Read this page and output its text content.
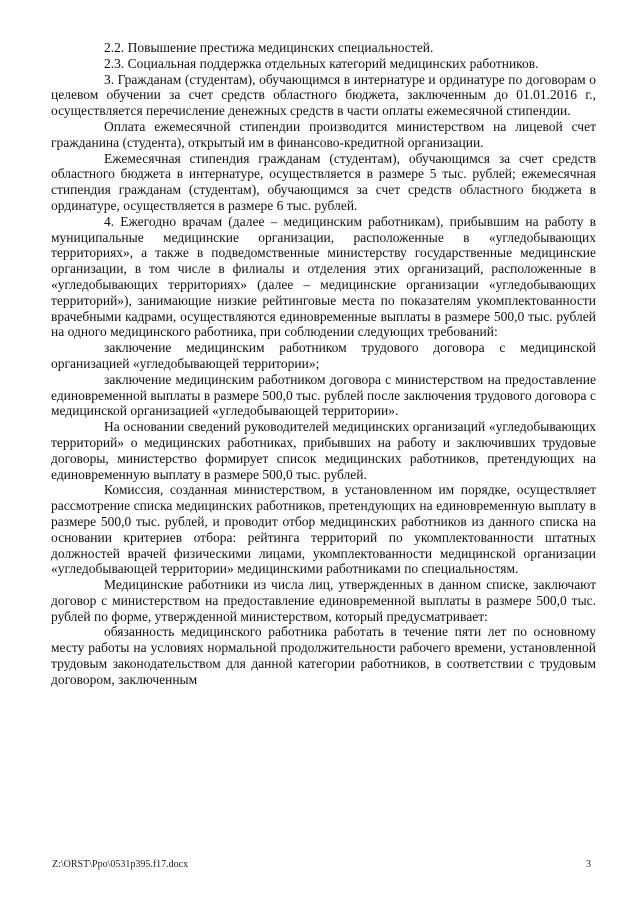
2.2. Повышение престижа медицинских специальностей.

2.3. Социальная поддержка отдельных категорий медицинских работников.

3. Гражданам (студентам), обучающимся в интернатуре и ординатуре по договорам о целевом обучении за счет средств областного бюджета, заключенным до 01.01.2016 г., осуществляется перечисление денежных средств в части оплаты ежемесячной стипендии.

Оплата ежемесячной стипендии производится министерством на лицевой счет гражданина (студента), открытый им в финансово-кредитной организации.

Ежемесячная стипендия гражданам (студентам), обучающимся за счет средств областного бюджета в интернатуре, осуществляется в размере 5 тыс. рублей; ежемесячная стипендия гражданам (студентам), обучающимся за счет средств областного бюджета в ординатуре, осуществляется в размере 6 тыс. рублей.

4. Ежегодно врачам (далее – медицинским работникам), прибывшим на работу в муниципальные медицинские организации, расположенные в «угледобывающих территориях», а также в подведомственные министерству государственные медицинские организации, в том числе в филиалы и отделения этих организаций, расположенные в «угледобывающих территориях» (далее – медицинские организации «угледобывающих территорий»), занимающие низкие рейтинговые места по показателям укомплектованности врачебными кадрами, осуществляются единовременные выплаты в размере 500,0 тыс. рублей на одного медицинского работника, при соблюдении следующих требований:

заключение медицинским работником трудового договора с медицинской организацией «угледобывающей территории»;

заключение медицинским работником договора с министерством на предоставление единовременной выплаты в размере 500,0 тыс. рублей после заключения трудового договора с медицинской организацией «угледобывающей территории».

На основании сведений руководителей медицинских организаций «угледобывающих территорий» о медицинских работниках, прибывших на работу и заключивших трудовые договоры, министерство формирует список медицинских работников, претендующих на единовременную выплату в размере 500,0 тыс. рублей.

Комиссия, созданная министерством, в установленном им порядке, осуществляет рассмотрение списка медицинских работников, претендующих на единовременную выплату в размере 500,0 тыс. рублей, и проводит отбор медицинских работников из данного списка на основании критериев отбора: рейтинга территорий по укомплектованности штатных должностей врачей физическими лицами, укомплектованности медицинской организации «угледобывающей территории» медицинскими работниками по специальностям.

Медицинские работники из числа лиц, утвержденных в данном списке, заключают договор с министерством на предоставление единовременной выплаты в размере 500,0 тыс. рублей по форме, утвержденной министерством, который предусматривает:

обязанность медицинского работника работать в течение пяти лет по основному месту работы на условиях нормальной продолжительности рабочего времени, установленной трудовым законодательством для данной категории работников, в соответствии с трудовым договором, заключенным

Z:\ORST\Ppo\0531p395.f17.docx	3
